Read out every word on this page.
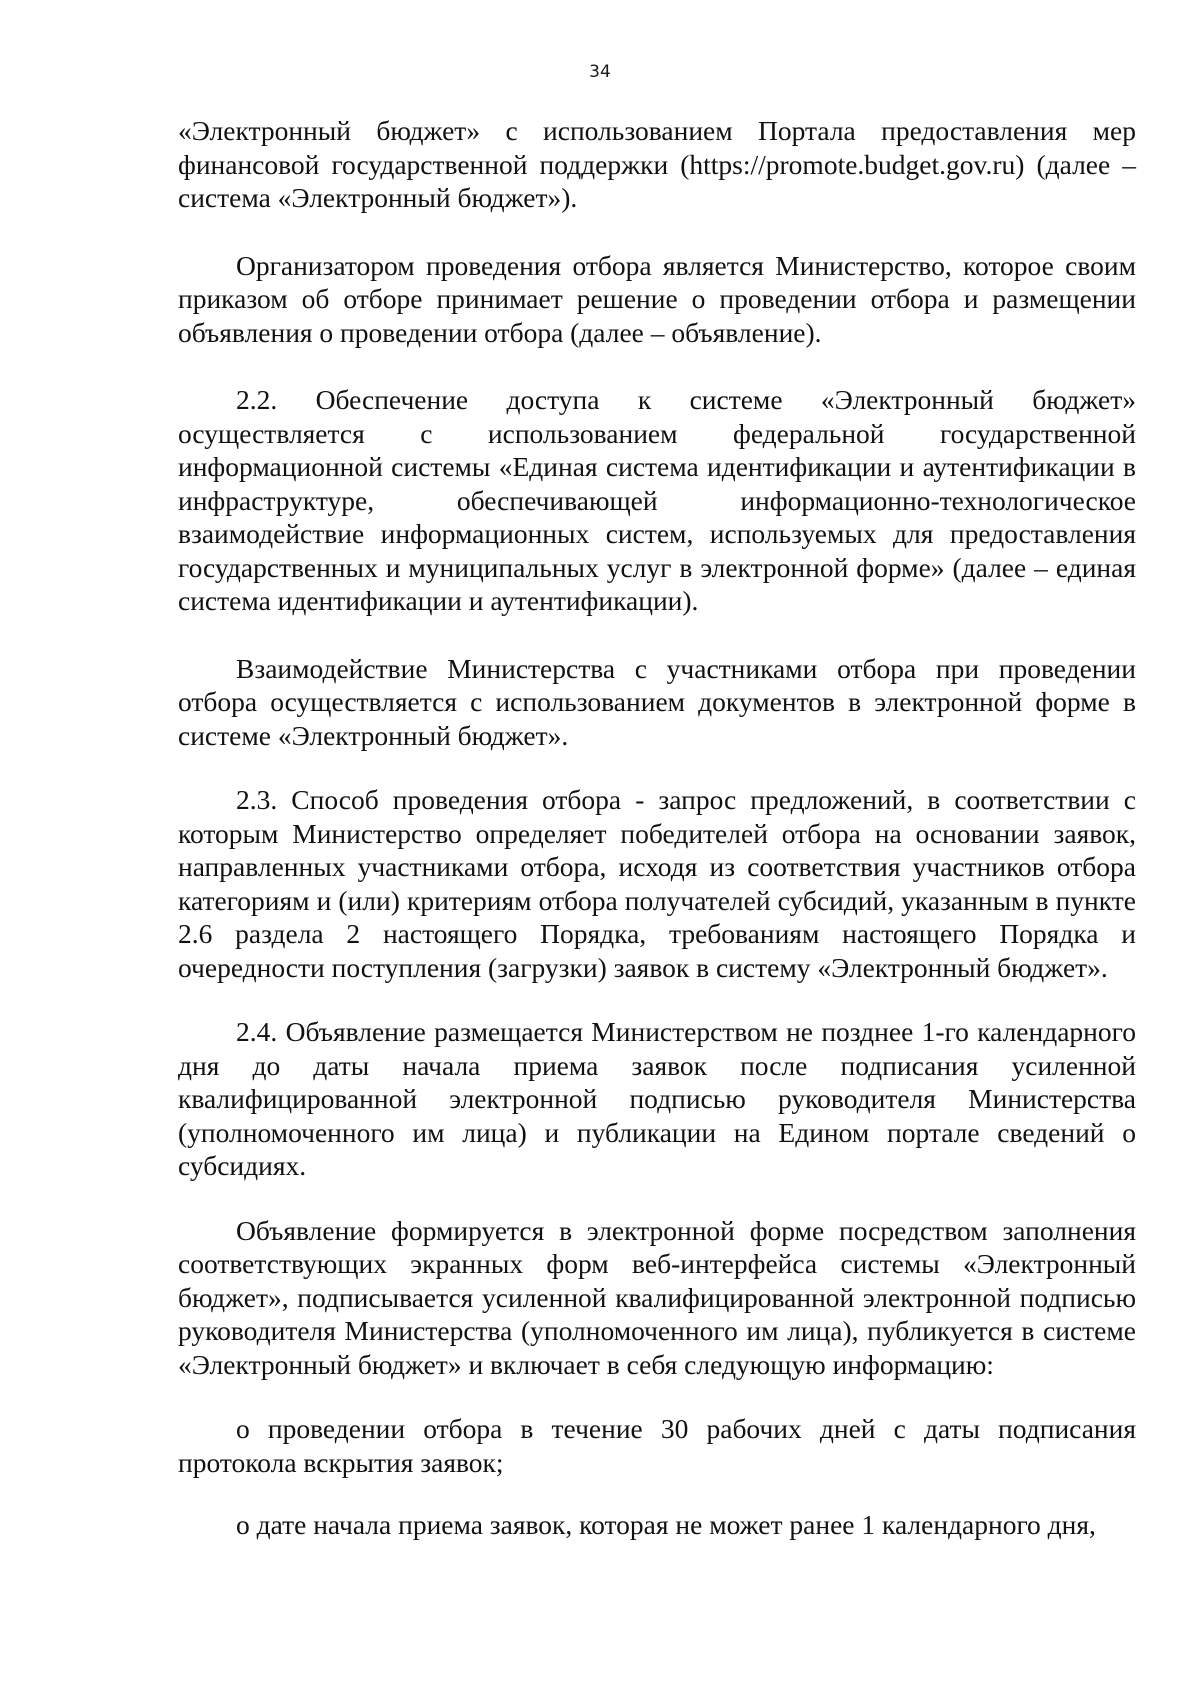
34

«Электронный бюджет» с использованием Портала предоставления мер финансовой государственной поддержки (https://promote.budget.gov.ru) (далее – система «Электронный бюджет»).

Организатором проведения отбора является Министерство, которое своим приказом об отборе принимает решение о проведении отбора и размещении объявления о проведении отбора (далее – объявление).

2.2. Обеспечение доступа к системе «Электронный бюджет» осуществляется с использованием федеральной государственной информационной системы «Единая система идентификации и аутентификации в инфраструктуре, обеспечивающей информационно-технологическое взаимодействие информационных систем, используемых для предоставления государственных и муниципальных услуг в электронной форме» (далее – единая система идентификации и аутентификации).

Взаимодействие Министерства с участниками отбора при проведении отбора осуществляется с использованием документов в электронной форме в системе «Электронный бюджет».

2.3. Способ проведения отбора - запрос предложений, в соответствии с которым Министерство определяет победителей отбора на основании заявок, направленных участниками отбора, исходя из соответствия участников отбора категориям и (или) критериям отбора получателей субсидий, указанным в пункте 2.6 раздела 2 настоящего Порядка, требованиям настоящего Порядка и очередности поступления (загрузки) заявок в систему «Электронный бюджет».

2.4. Объявление размещается Министерством не позднее 1-го календарного дня до даты начала приема заявок после подписания усиленной квалифицированной электронной подписью руководителя Министерства (уполномоченного им лица) и публикации на Едином портале сведений о субсидиях.

Объявление формируется в электронной форме посредством заполнения соответствующих экранных форм веб-интерфейса системы «Электронный бюджет», подписывается усиленной квалифицированной электронной подписью руководителя Министерства (уполномоченного им лица), публикуется в системе «Электронный бюджет» и включает в себя следующую информацию:

о проведении отбора в течение 30 рабочих дней с даты подписания протокола вскрытия заявок;

о дате начала приема заявок, которая не может ранее 1 календарного дня,
